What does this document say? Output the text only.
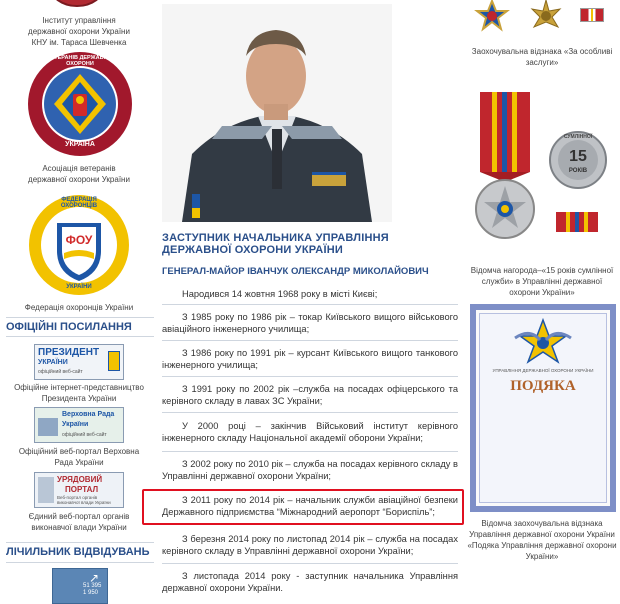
Інститут управління
державної охорони України
КНУ ім. Тараса Шевченка
ВЕТЕРАНІВ ДЕРЖАВНОЇ ОХОРОНИ
УКРАЇНА
Асоціація ветеранів
державної охорони України
ФЕДЕРАЦІЯ ОХОРОНЦІВ
ФОУ
УКРАЇНИ
Федерація охоронців України
ОФІЦІЙНІ ПОСИЛАННЯ
ПРЕЗИДЕНТ
УКРАЇНИ
офіційний веб-сайт
Офіційне інтернет-представництво
Президента України
Верховна Рада
України
офіційний веб-сайт
Офіційний веб-портал Верховна
Рада України
УРЯДОВИЙ
ПОРТАЛ
Веб-портал органів виконавчої влади України
Єдиний веб-портал органів
виконавчої влади України
ЛІЧИЛЬНИК ВІДВІДУВАНЬ
↗
51 395
1 950
ЗАСТУПНИК НАЧАЛЬНИКА УПРАВЛІННЯ ДЕРЖАВНОЇ ОХОРОНИ УКРАЇНИ
ГЕНЕРАЛ-МАЙОР ІВАНЧУК ОЛЕКСАНДР МИКОЛАЙОВИЧ
Народився 14 жовтня 1968 року в місті Києві;
З 1985 року по 1986 рік – токар Київського вищого військового авіаційного інженерного училища;
З 1986 року по 1991 рік – курсант Київського вищого танкового інженерного училища;
З 1991 року по 2002 рік –служба на посадах офіцерського та керівного складу в лавах ЗС України;
У 2000 році – закінчив Військовий інститут керівного інженерного складу Національної академії оборони України;
З 2002 року по 2010 рік – служба на посадах керівного складу в Управлінні державної охорони України;
З 2011 року по 2014 рік – начальник служби авіаційної безпеки Державного підприємства “Міжнародний аеропорт “Бориспіль”;
З березня 2014 року по листопад 2014 рік – служба на посадах керівного складу в Управлінні державної охорони України;
З листопада 2014 року - заступник начальника Управління державної охорони України.
Заохочувальна відзнака «За особливі
заслуги»
СУМЛІННОЇ
15
РОКІВ
Відомча нагорода–«15 років сумлінної
служби» в Управлінні державної
охорони України»
УПРАВЛІННЯ ДЕРЖАВНОЇ ОХОРОНИ УКРАЇНИ
ПОДЯКА
Відомча заохочувальна відзнака
Управління державної охорони України
«Подяка Управління державної охорони
України»
